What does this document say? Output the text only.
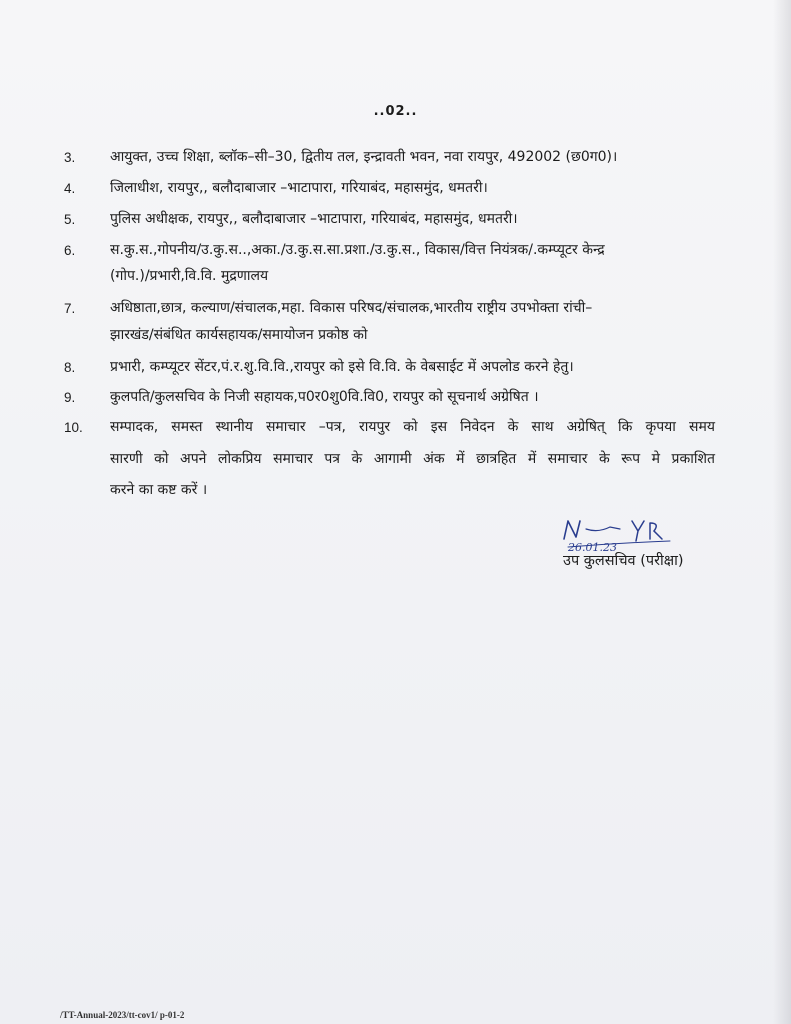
..02..
3. आयुक्त, उच्च शिक्षा, ब्लॉक–सी–30, द्वितीय तल, इन्द्रावती भवन, नवा रायपुर, 492002 (छ0ग0)।
4. जिलाधीश, रायपुर,, बलौदाबाजार –भाटापारा, गरियाबंद, महासमुंद, धमतरी।
5. पुलिस अधीक्षक, रायपुर,, बलौदाबाजार –भाटापारा, गरियाबंद, महासमुंद, धमतरी।
6. स.कु.स.,गोपनीय/उ.कु.स..,अका./उ.कु.स.सा.प्रशा./उ.कु.स., विकास/वित्त नियंत्रक/.कम्प्यूटर केन्द्र
(गोप.)/प्रभारी,वि.वि. मुद्रणालय
7. अधिष्ठाता,छात्र, कल्याण/संचालक,महा. विकास परिषद/संचालक,भारतीय राष्ट्रीय उपभोक्ता रांची–
झारखंड/संबंधित कार्यसहायक/समायोजन प्रकोष्ठ को
8. प्रभारी, कम्प्यूटर सेंटर,पं.र.शु.वि.वि.,रायपुर को इसे वि.वि. के वेबसाईट में अपलोड करने हेतु।
9. कुलपति/कुलसचिव के निजी सहायक,प0र0शु0वि.वि0, रायपुर को सूचनार्थ अग्रेषित ।
10. सम्पादक, समस्त स्थानीय समाचार –पत्र, रायपुर को इस निवेदन के साथ अग्रेषित् कि कृपया समय
सारणी को अपने लोकप्रिय समाचार पत्र के आगामी अंक में छात्रहित में समाचार के रूप मे प्रकाशित
करने का कष्ट करें ।
26.01.23
उप कुलसचिव (परीक्षा)
/TT-Annual-2023/tt-cov1/ p-01-2
